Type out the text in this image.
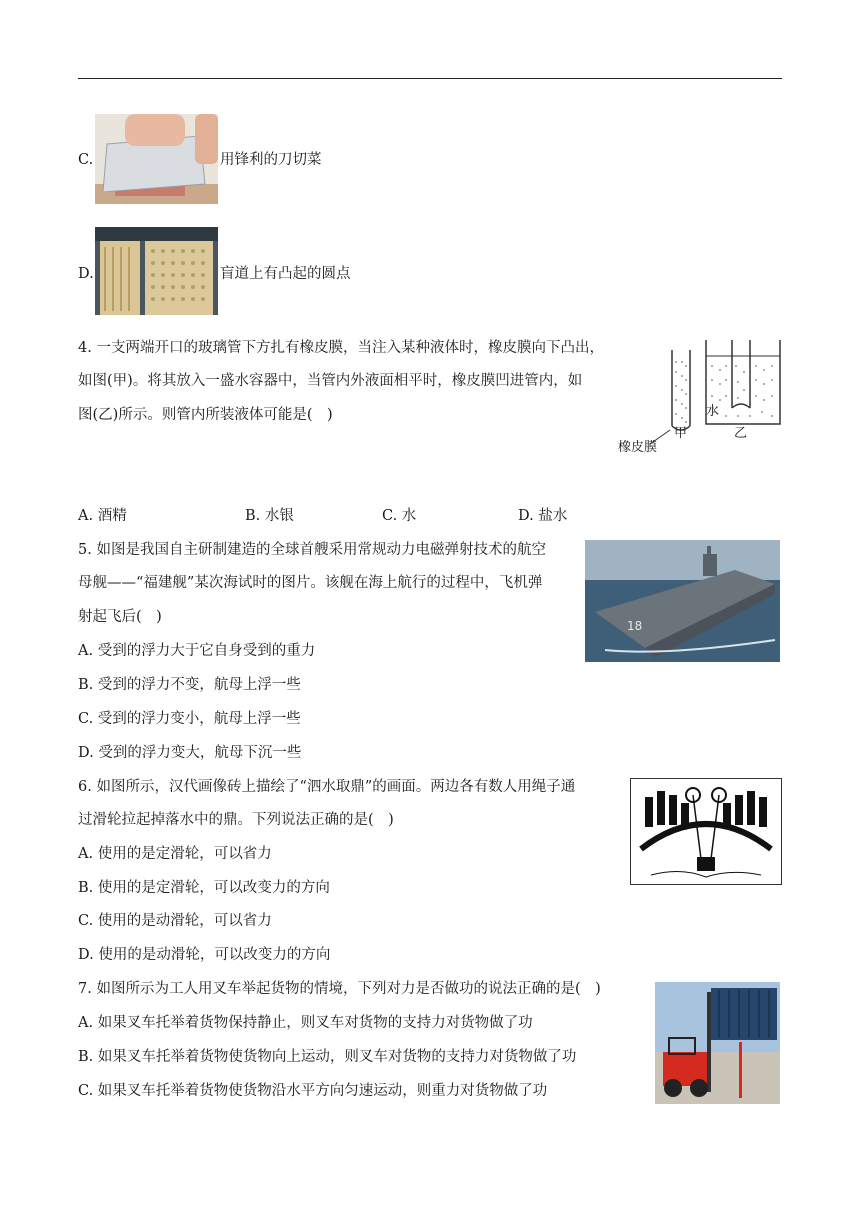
C.	用锋利的刀切菜
D.	盲道上有凸起的圆点
4. 一支两端开口的玻璃管下方扎有橡皮膜，当注入某种液体时，橡皮膜向下凸出，
如图(甲)。将其放入一盛水容器中，当管内外液面相平时，橡皮膜凹进管内，如
图(乙)所示。则管内所装液体可能是(　)	水
甲	乙
橡皮膜
A. 酒精	B. 水银	C. 水	D. 盐水
5. 如图是我国自主研制建造的全球首艘采用常规动力电磁弹射技术的航空
母舰——“福建舰”某次海试时的图片。该舰在海上航行的过程中，飞机弹
射起飞后(　)
18
A. 受到的浮力大于它自身受到的重力
B. 受到的浮力不变，航母上浮一些
C. 受到的浮力变小，航母上浮一些
D. 受到的浮力变大，航母下沉一些
6. 如图所示，汉代画像砖上描绘了“泗水取鼎”的画面。两边各有数人用绳子通
过滑轮拉起掉落水中的鼎。下列说法正确的是(　)
A. 使用的是定滑轮，可以省力
B. 使用的是定滑轮，可以改变力的方向
C. 使用的是动滑轮，可以省力
D. 使用的是动滑轮，可以改变力的方向
7. 如图所示为工人用叉车举起货物的情境，下列对力是否做功的说法正确的是(　)
A. 如果叉车托举着货物保持静止，则叉车对货物的支持力对货物做了功
B. 如果叉车托举着货物使货物向上运动，则叉车对货物的支持力对货物做了功
C. 如果叉车托举着货物使货物沿水平方向匀速运动，则重力对货物做了功
